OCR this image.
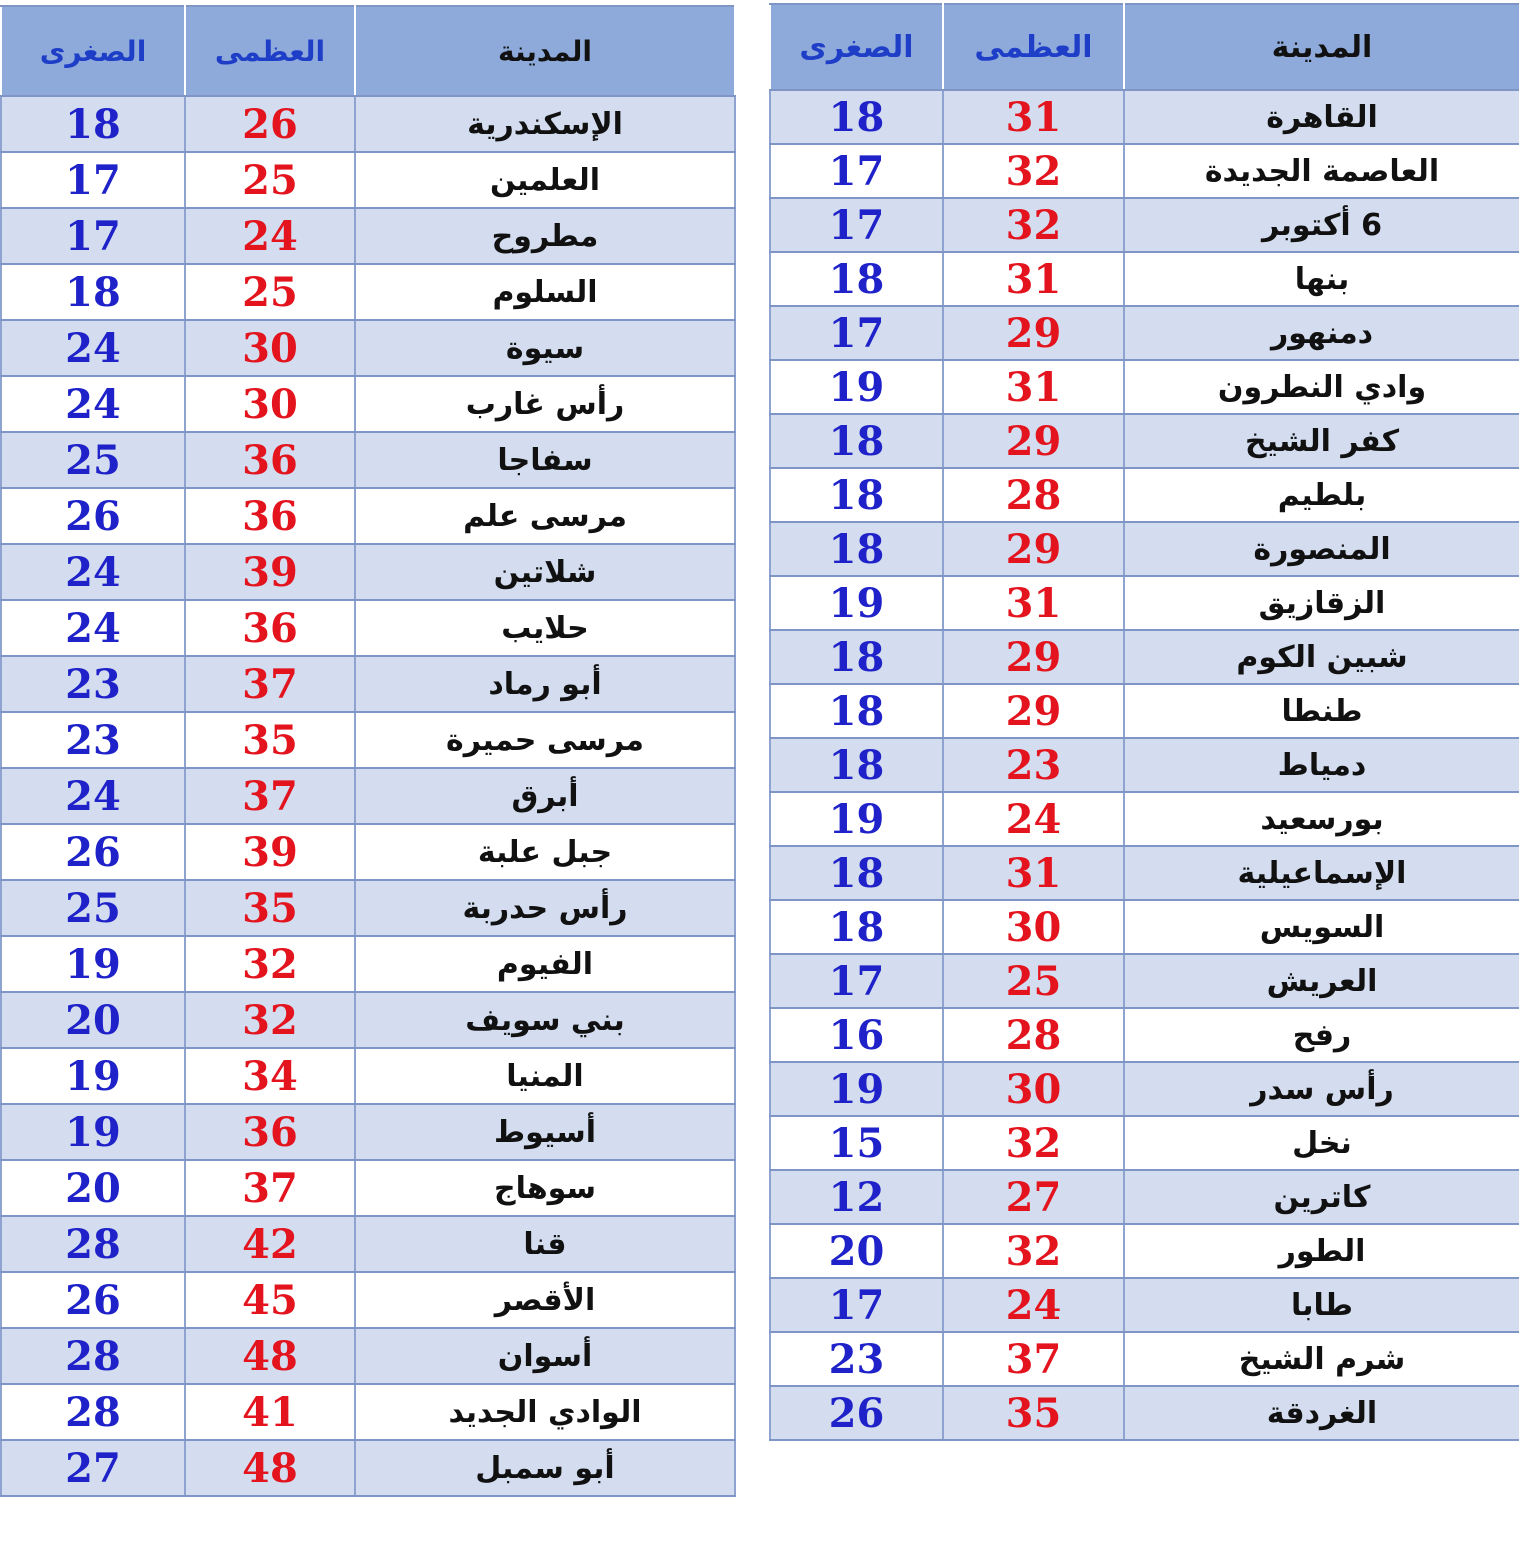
الصغرى	العظمى	المدينة
18	26	الإسكندرية
17	25	العلمين
17	24	مطروح
18	25	السلوم
24	30	سيوة
24	30	رأس غارب
25	36	سفاجا
26	36	مرسى علم
24	39	شلاتين
24	36	حلايب
23	37	أبو رماد
23	35	مرسى حميرة
24	37	أبرق
26	39	جبل علبة
25	35	رأس حدربة
19	32	الفيوم
20	32	بني سويف
19	34	المنيا
19	36	أسيوط
20	37	سوهاج
28	42	قنا
26	45	الأقصر
28	48	أسوان
28	41	الوادي الجديد
27	48	أبو سمبل
الصغرى	العظمى	المدينة
18	31	القاهرة
17	32	العاصمة الجديدة
17	32	6 أكتوبر
18	31	بنها
17	29	دمنهور
19	31	وادي النطرون
18	29	كفر الشيخ
18	28	بلطيم
18	29	المنصورة
19	31	الزقازيق
18	29	شبين الكوم
18	29	طنطا
18	23	دمياط
19	24	بورسعيد
18	31	الإسماعيلية
18	30	السويس
17	25	العريش
16	28	رفح
19	30	رأس سدر
15	32	نخل
12	27	كاترين
20	32	الطور
17	24	طابا
23	37	شرم الشيخ
26	35	الغردقة
